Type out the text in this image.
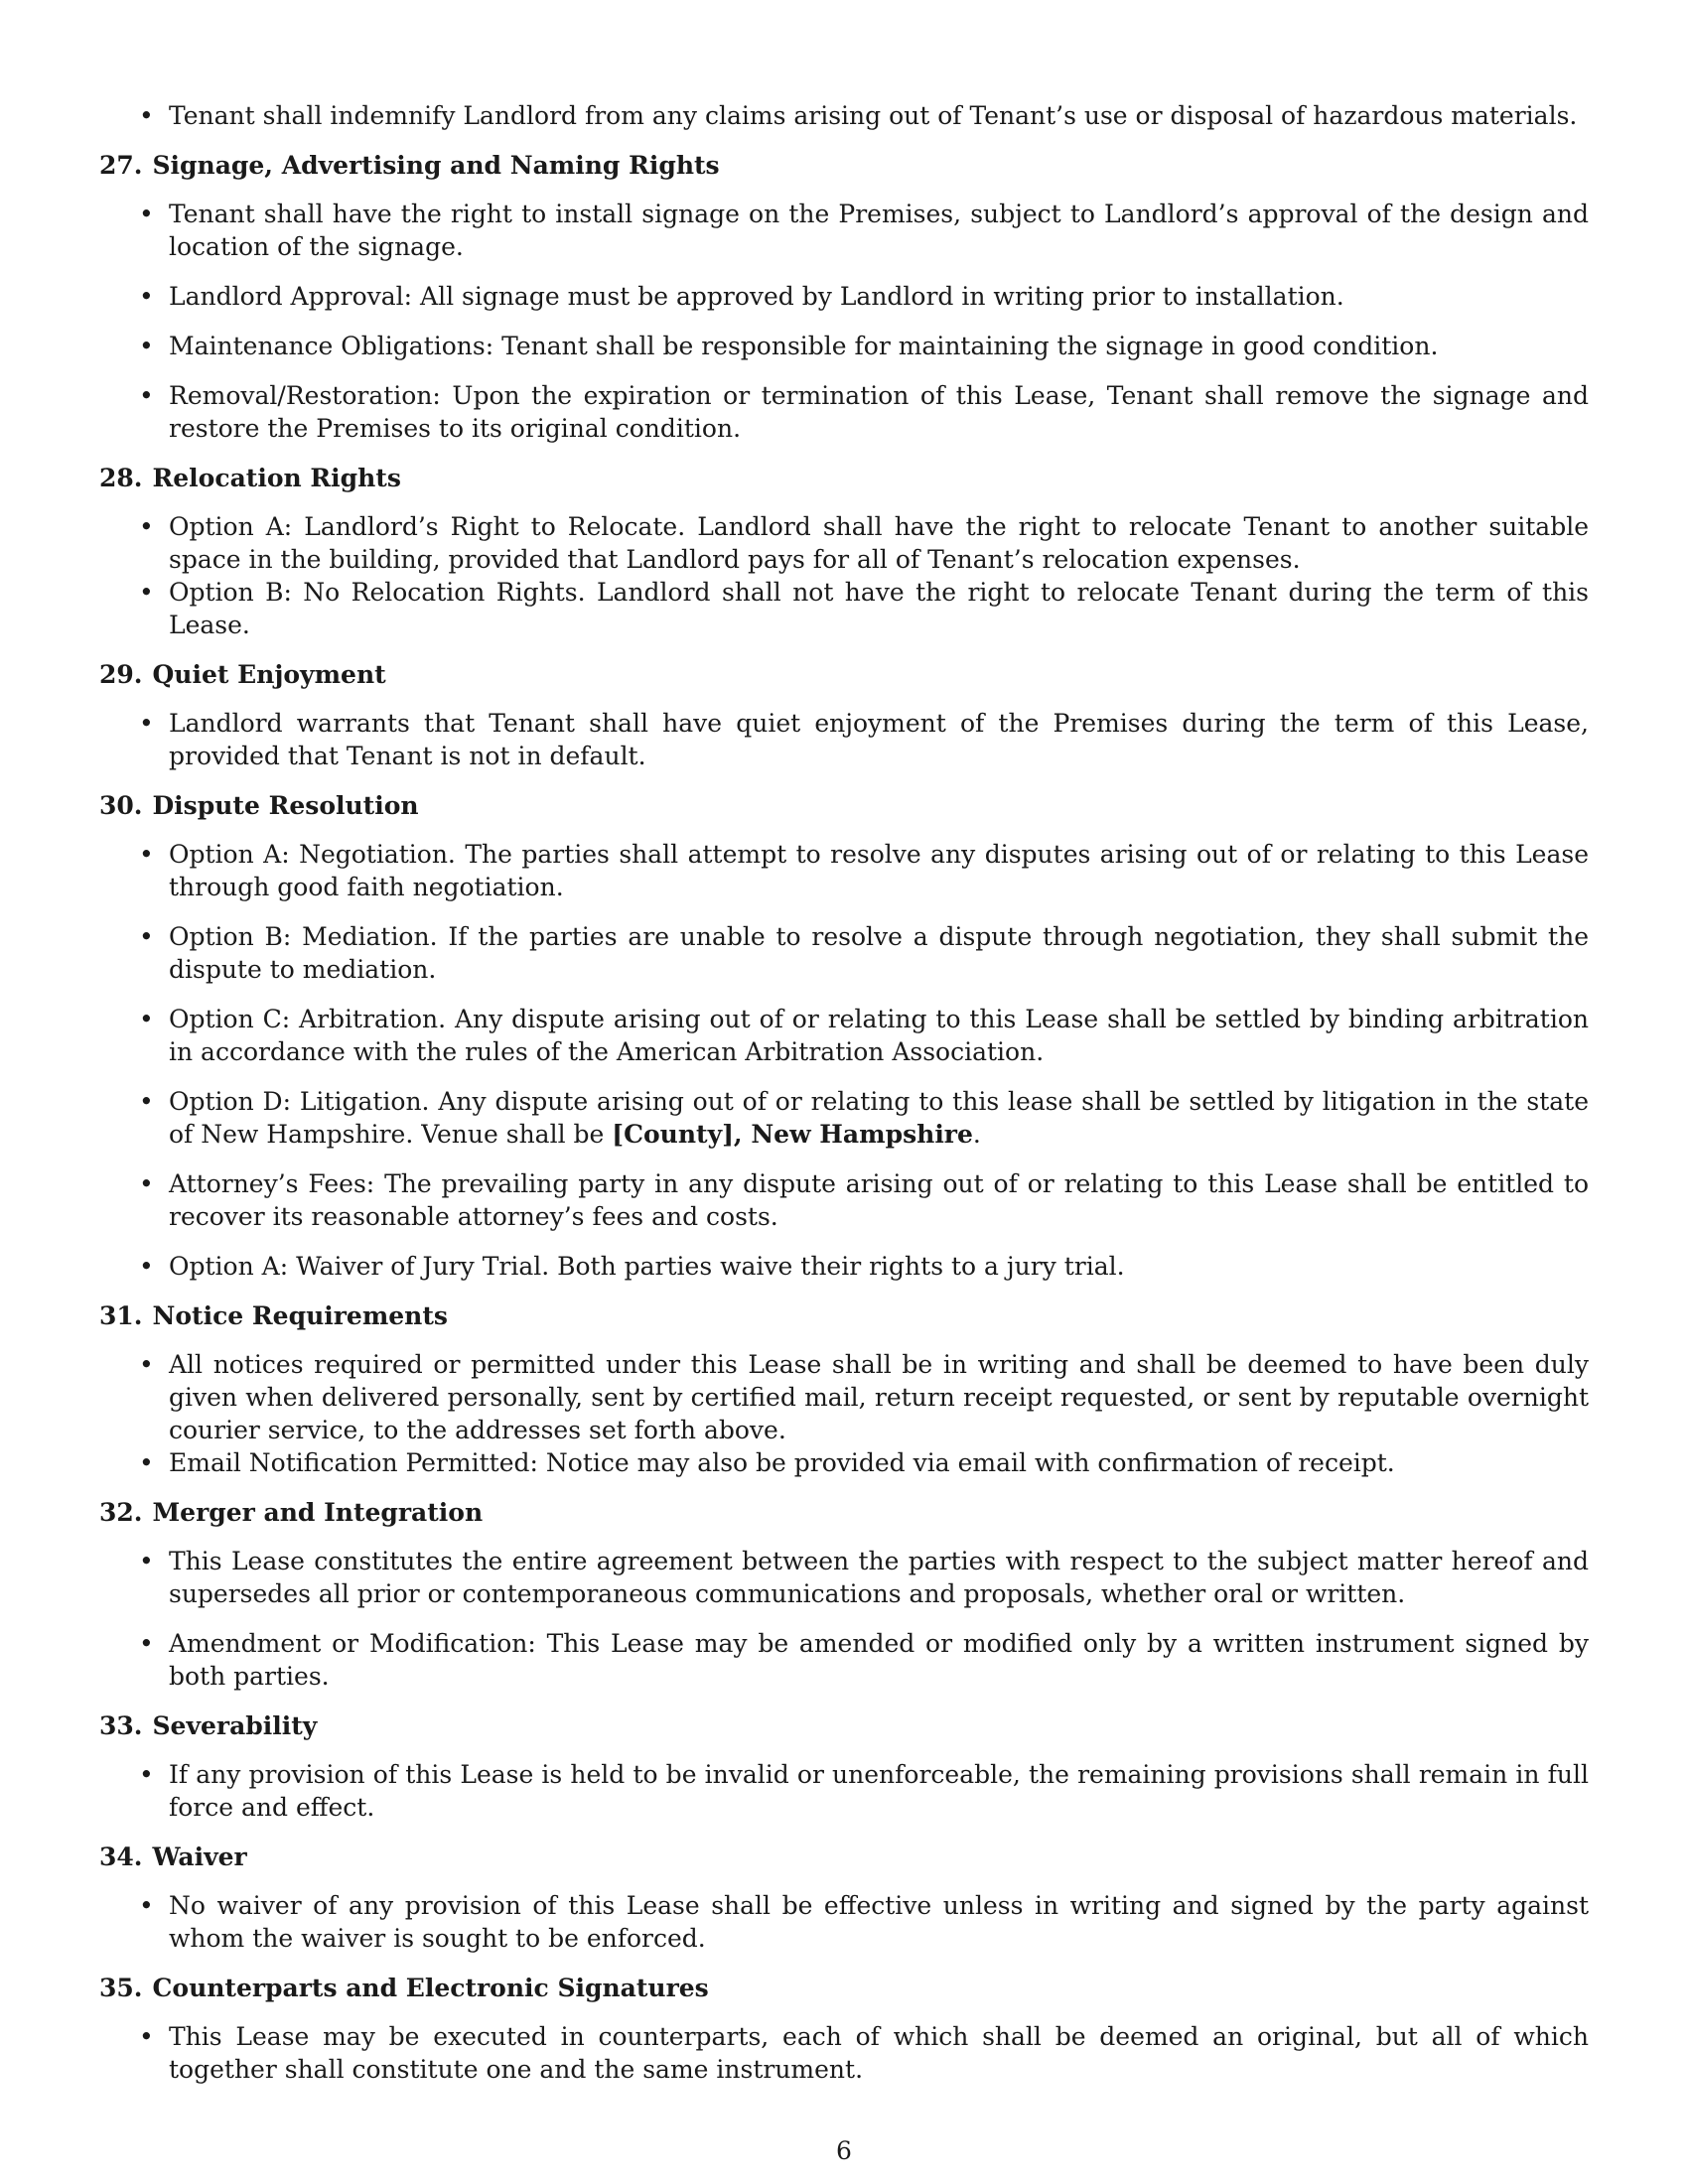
• Tenant shall indemnify Landlord from any claims arising out of Tenant’s use or disposal of hazardous materials.
27. Signage, Advertising and Naming Rights
• Tenant shall have the right to install signage on the Premises, subject to Landlord’s approval of the design and location of the signage.
• Landlord Approval: All signage must be approved by Landlord in writing prior to installation.
• Maintenance Obligations: Tenant shall be responsible for maintaining the signage in good condition.
• Removal/Restoration: Upon the expiration or termination of this Lease, Tenant shall remove the signage and restore the Premises to its original condition.
28. Relocation Rights
• Option A: Landlord’s Right to Relocate. Landlord shall have the right to relocate Tenant to another suitable space in the building, provided that Landlord pays for all of Tenant’s relocation expenses.
• Option B: No Relocation Rights. Landlord shall not have the right to relocate Tenant during the term of this Lease.
29. Quiet Enjoyment
• Landlord warrants that Tenant shall have quiet enjoyment of the Premises during the term of this Lease, provided that Tenant is not in default.
30. Dispute Resolution
• Option A: Negotiation. The parties shall attempt to resolve any disputes arising out of or relating to this Lease through good faith negotiation.
• Option B: Mediation. If the parties are unable to resolve a dispute through negotiation, they shall submit the dispute to mediation.
• Option C: Arbitration. Any dispute arising out of or relating to this Lease shall be settled by binding arbitration in accordance with the rules of the American Arbitration Association.
• Option D: Litigation. Any dispute arising out of or relating to this lease shall be settled by litigation in the state of New Hampshire. Venue shall be [County], New Hampshire.
• Attorney’s Fees: The prevailing party in any dispute arising out of or relating to this Lease shall be entitled to recover its reasonable attorney’s fees and costs.
• Option A: Waiver of Jury Trial. Both parties waive their rights to a jury trial.
31. Notice Requirements
• All notices required or permitted under this Lease shall be in writing and shall be deemed to have been duly given when delivered personally, sent by certified mail, return receipt requested, or sent by reputable overnight courier service, to the addresses set forth above.
• Email Notification Permitted: Notice may also be provided via email with confirmation of receipt.
32. Merger and Integration
• This Lease constitutes the entire agreement between the parties with respect to the subject matter hereof and supersedes all prior or contemporaneous communications and proposals, whether oral or written.
• Amendment or Modification: This Lease may be amended or modified only by a written instrument signed by both parties.
33. Severability
• If any provision of this Lease is held to be invalid or unenforceable, the remaining provisions shall remain in full force and effect.
34. Waiver
• No waiver of any provision of this Lease shall be effective unless in writing and signed by the party against whom the waiver is sought to be enforced.
35. Counterparts and Electronic Signatures
• This Lease may be executed in counterparts, each of which shall be deemed an original, but all of which together shall constitute one and the same instrument.
6
